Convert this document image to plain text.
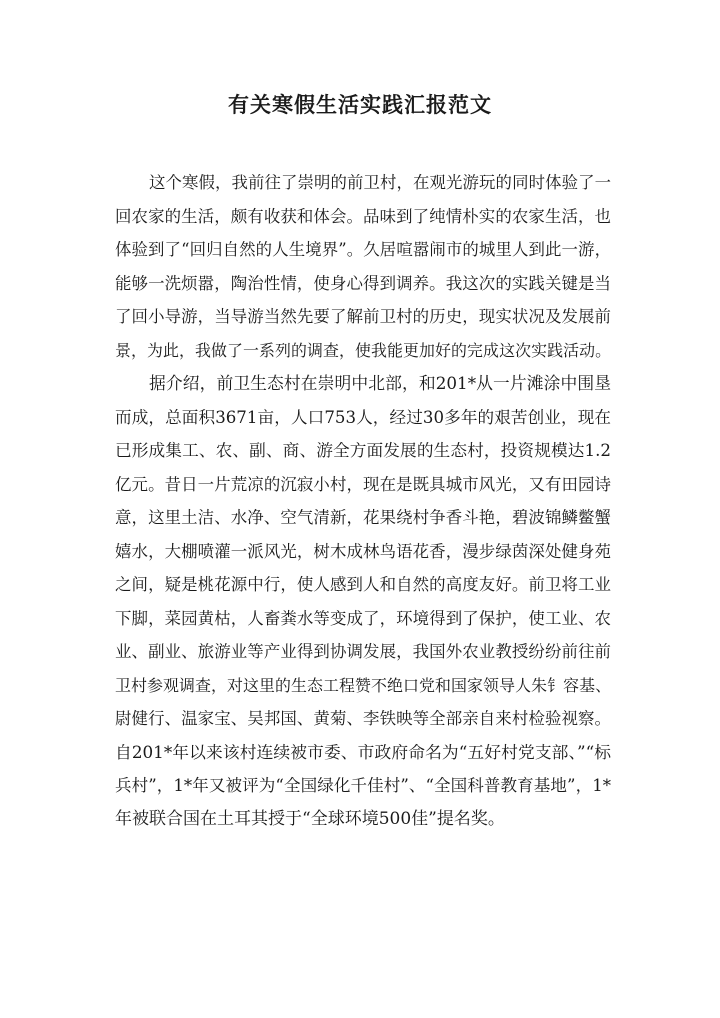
有关寒假生活实践汇报范文
这个寒假，我前往了崇明的前卫村，在观光游玩的同时体验了一
回农家的生活，颇有收获和体会。品味到了纯情朴实的农家生活，也
体验到了“回归自然的人生境界”。久居喧嚣闹市的城里人到此一游，
能够一洗烦嚣，陶治性情，使身心得到调养。我这次的实践关键是当
了回小导游，当导游当然先要了解前卫村的历史，现实状况及发展前
景，为此，我做了一系列的调查，使我能更加好的完成这次实践活动。
据介绍，前卫生态村在崇明中北部，和201*从一片滩涂中围垦
而成，总面积3671亩，人口753人，经过30多年的艰苦创业，现在
已形成集工、农、副、商、游全方面发展的生态村，投资规模达1.2
亿元。昔日一片荒凉的沉寂小村，现在是既具城市风光，又有田园诗
意，这里土洁、水净、空气清新，花果绕村争香斗艳，碧波锦鳞鳖蟹
嬉水，大棚喷灌一派风光，树木成林鸟语花香，漫步绿茵深处健身苑
之间，疑是桃花源中行，使人感到人和自然的高度友好。前卫将工业
下脚，菜园黄枯，人畜粪水等变成了，环境得到了保护，使工业、农
业、副业、旅游业等产业得到协调发展，我国外农业教授纷纷前往前
卫村参观调查，对这里的生态工程赞不绝口党和国家领导人朱钅容基、
尉健行、温家宝、吴邦国、黄菊、李铁映等全部亲自来村检验视察。
自201*年以来该村连续被市委、市政府命名为“五好村党支部、”“标
兵村”，1*年又被评为“全国绿化千佳村”、“全国科普教育基地”，1*
年被联合国在土耳其授于“全球环境500佳”提名奖。
